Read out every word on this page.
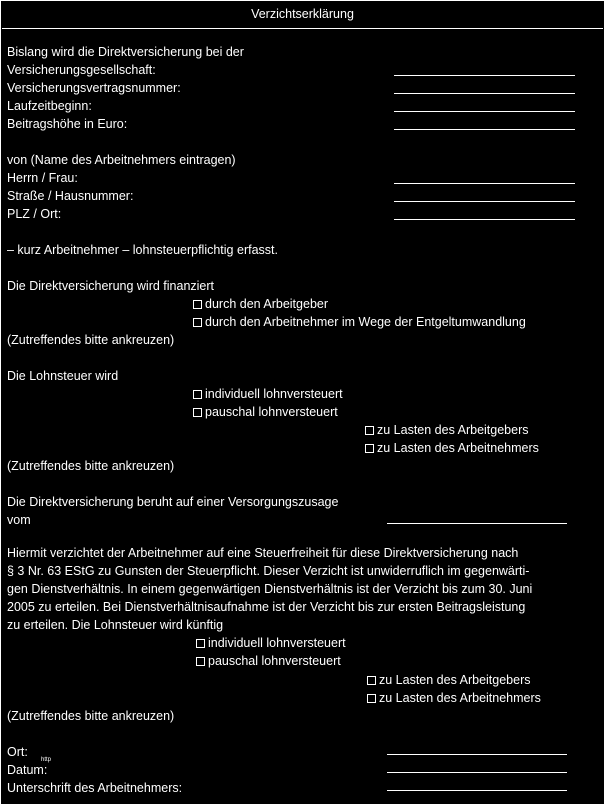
Verzichtserklärung
Bislang wird die Direktversicherung bei der
Versicherungsgesellschaft:
Versicherungsvertragsnummer:
Laufzeitbeginn:
Beitragshöhe in Euro:
von (Name des Arbeitnehmers eintragen)
Herrn / Frau:
Straße / Hausnummer:
PLZ / Ort:
– kurz Arbeitnehmer – lohnsteuerpflichtig erfasst.
Die Direktversicherung wird finanziert
durch den Arbeitgeber
durch den Arbeitnehmer im Wege der Entgeltumwandlung
(Zutreffendes bitte ankreuzen)
Die Lohnsteuer wird
individuell lohnversteuert
pauschal lohnversteuert
zu Lasten des Arbeitgebers
zu Lasten des Arbeitnehmers
(Zutreffendes bitte ankreuzen)
Die Direktversicherung beruht auf einer Versorgungszusage
vom
Hiermit verzichtet der Arbeitnehmer auf eine Steuerfreiheit für diese Direktversicherung nach
§ 3 Nr. 63 EStG zu Gunsten der Steuerpflicht. Dieser Verzicht ist unwiderruflich im gegenwärti-
gen Dienstverhältnis. In einem gegenwärtigen Dienstverhältnis ist der Verzicht bis zum 30. Juni
2005 zu erteilen. Bei Dienstverhältnisaufnahme ist der Verzicht bis zur ersten Beitragsleistung
zu erteilen. Die Lohnsteuer wird künftig
individuell lohnversteuert
pauschal lohnversteuert
zu Lasten des Arbeitgebers
zu Lasten des Arbeitnehmers
(Zutreffendes bitte ankreuzen)
Ort:
Datum:
http
Unterschrift des Arbeitnehmers:
